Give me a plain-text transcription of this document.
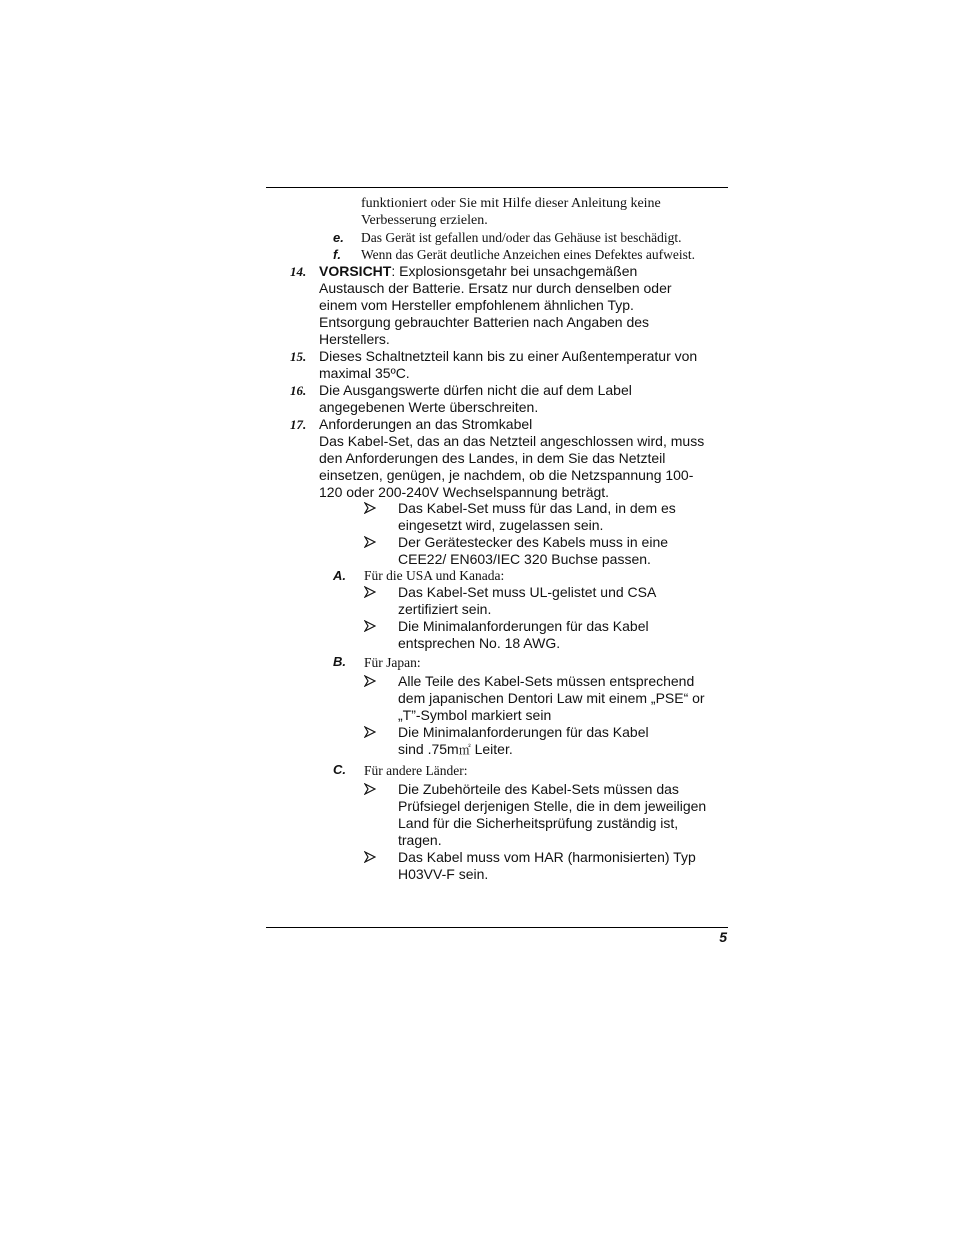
funktioniert oder Sie mit Hilfe dieser Anleitung keine
Verbesserung erzielen.
e. Das Gerät ist gefallen und/oder das Gehäuse ist beschädigt.
f. Wenn das Gerät deutliche Anzeichen eines Defektes aufweist.
14. VORSICHT: Explosionsgetahr bei unsachgemäßen
Austausch der Batterie. Ersatz nur durch denselben oder
einem vom Hersteller empfohlenem ähnlichen Typ.
Entsorgung gebrauchter Batterien nach Angaben des
Herstellers.
15. Dieses Schaltnetzteil kann bis zu einer Außentemperatur von
maximal 35ºC.
16. Die Ausgangswerte dürfen nicht die auf dem Label
angegebenen Werte überschreiten.
17. Anforderungen an das Stromkabel
Das Kabel-Set, das an das Netzteil angeschlossen wird, muss
den Anforderungen des Landes, in dem Sie das Netzteil
einsetzen, genügen, je nachdem, ob die Netzspannung 100-
120 oder 200-240V Wechselspannung beträgt.
Das Kabel-Set muss für das Land, in dem es
eingesetzt wird, zugelassen sein.
Der Gerätestecker des Kabels muss in eine
CEE22/ EN603/IEC 320 Buchse passen.
A. Für die USA und Kanada:
Das Kabel-Set muss UL-gelistet und CSA
zertifiziert sein.
Die Minimalanforderungen für das Kabel
entsprechen No. 18 AWG.
B. Für Japan:
Alle Teile des Kabel-Sets müssen entsprechend
dem japanischen Dentori Law mit einem „PSE“ or
„T”-Symbol markiert sein
Die Minimalanforderungen für das Kabel
sind .75m㎡ Leiter.
C. Für andere Länder:
Die Zubehörteile des Kabel-Sets müssen das
Prüfsiegel derjenigen Stelle, die in dem jeweiligen
Land für die Sicherheitsprüfung zuständig ist,
tragen.
Das Kabel muss vom HAR (harmonisierten) Typ
H03VV-F sein.
5
